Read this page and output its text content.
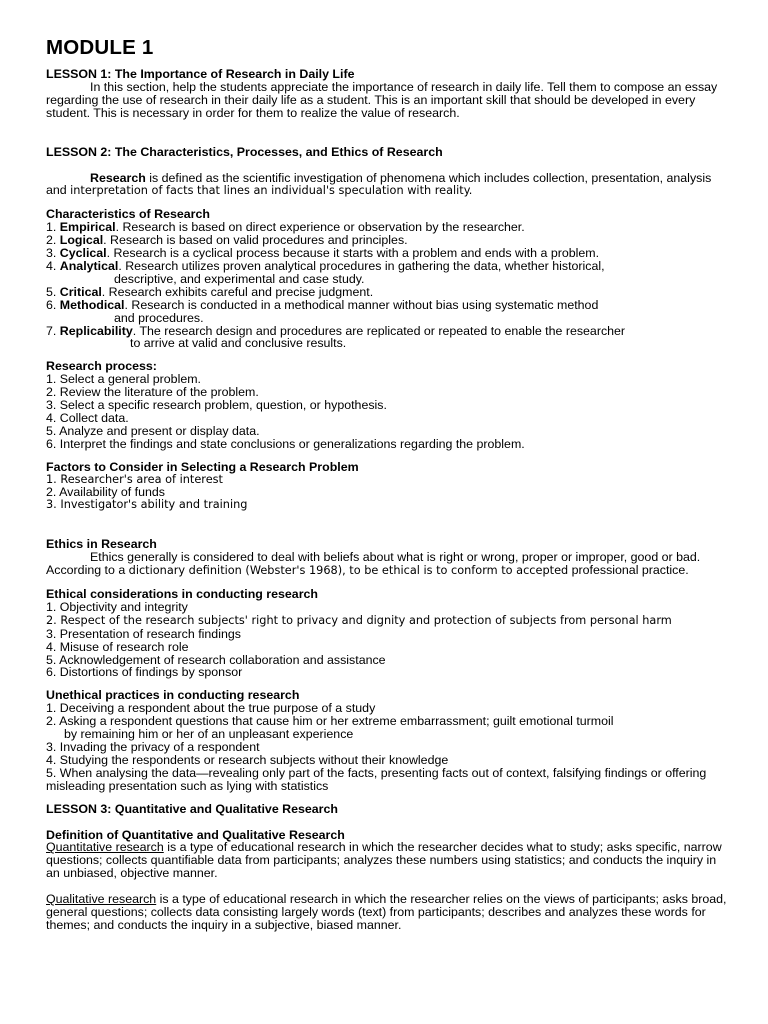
MODULE 1

LESSON 1: The Importance of Research in Daily Life

In this section, help the students appreciate the importance of research in daily life. Tell them to compose an essay regarding the use of research in their daily life as a student. This is an important skill that should be developed in every student. This is necessary in order for them to realize the value of research.

LESSON 2: The Characteristics, Processes, and Ethics of Research

Research is defined as the scientific investigation of phenomena which includes collection, presentation, analysis and interpretation of facts that lines an individual's speculation with reality.

Characteristics of Research

1. Empirical. Research is based on direct experience or observation by the researcher.

2. Logical. Research is based on valid procedures and principles.

3. Cyclical. Research is a cyclical process because it starts with a problem and ends with a problem.

4. Analytical. Research utilizes proven analytical procedures in gathering the data, whether historical,

descriptive, and experimental and case study.

5. Critical. Research exhibits careful and precise judgment.

6. Methodical. Research is conducted in a methodical manner without bias using systematic method

and procedures.

7. Replicability. The research design and procedures are replicated or repeated to enable the researcher

to arrive at valid and conclusive results.

Research process:

1. Select a general problem.

2. Review the literature of the problem.

3. Select a specific research problem, question, or hypothesis.

4. Collect data.

5. Analyze and present or display data.

6. Interpret the findings and state conclusions or generalizations regarding the problem.

Factors to Consider in Selecting a Research Problem

1. Researcher's area of interest

2. Availability of funds

3. Investigator's ability and training

Ethics in Research

Ethics generally is considered to deal with beliefs about what is right or wrong, proper or improper, good or bad. According to a dictionary definition (Webster's 1968), to be ethical is to conform to accepted professional practice.

Ethical considerations in conducting research

1. Objectivity and integrity

2. Respect of the research subjects' right to privacy and dignity and protection of subjects from personal harm

3. Presentation of research findings

4. Misuse of research role

5. Acknowledgement of research collaboration and assistance

6. Distortions of findings by sponsor

Unethical practices in conducting research

1. Deceiving a respondent about the true purpose of a study

2. Asking a respondent questions that cause him or her extreme embarrassment; guilt emotional turmoil

by remaining him or her of an unpleasant experience

3. Invading the privacy of a respondent

4. Studying the respondents or research subjects without their knowledge

5. When analysing the data—revealing only part of the facts, presenting facts out of context, falsifying findings or offering misleading presentation such as lying with statistics

LESSON 3: Quantitative and Qualitative Research

Definition of Quantitative and Qualitative Research

Quantitative research is a type of educational research in which the researcher decides what to study; asks specific, narrow questions; collects quantifiable data from participants; analyzes these numbers using statistics; and conducts the inquiry in an unbiased, objective manner.

Qualitative research is a type of educational research in which the researcher relies on the views of participants; asks broad, general questions; collects data consisting largely words (text) from participants; describes and analyzes these words for themes; and conducts the inquiry in a subjective, biased manner.
